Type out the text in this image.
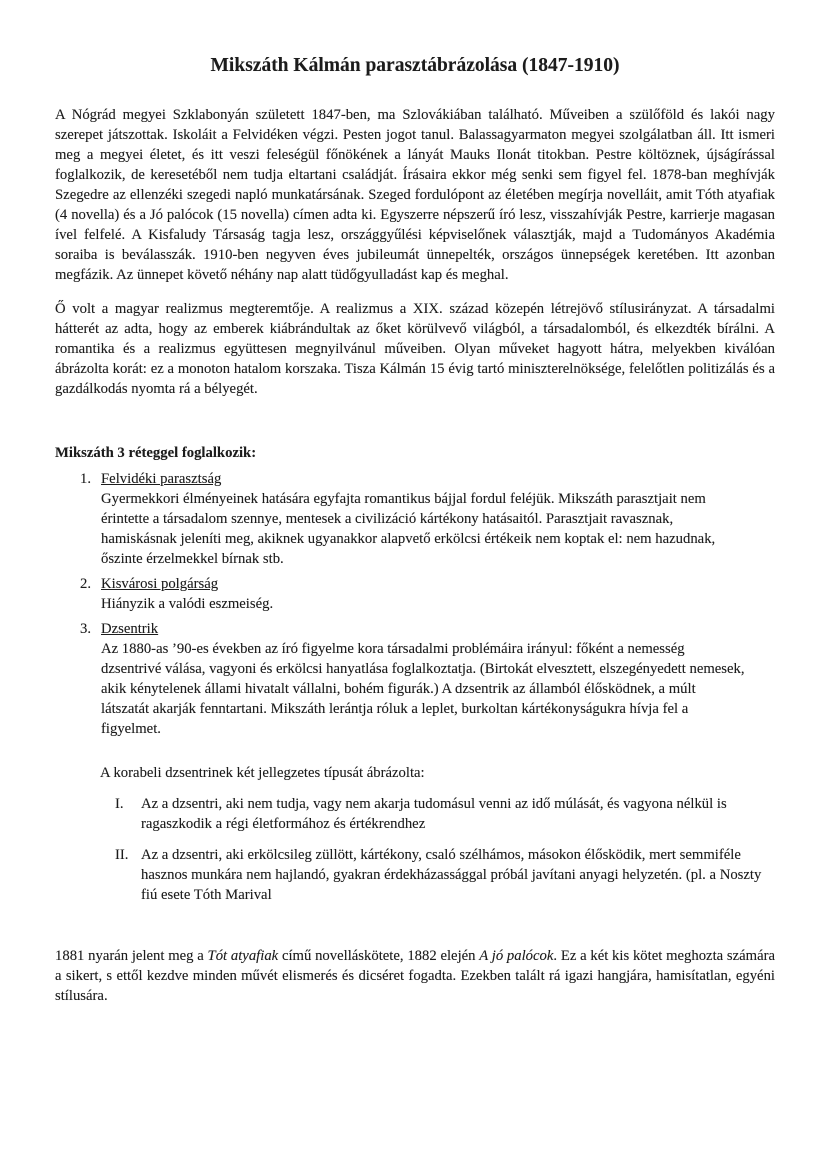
Mikszáth Kálmán parasztábrázolása (1847-1910)

A Nógrád megyei Szklabonyán született 1847-ben, ma Szlovákiában található. Műveiben a szülőföld és lakói nagy szerepet játszottak. Iskoláit a Felvidéken végzi. Pesten jogot tanul. Balassagyarmaton megyei szolgálatban áll. Itt ismeri meg a megyei életet, és itt veszi feleségül főnökének a lányát Mauks Ilonát titokban. Pestre költöznek, újságírással foglalkozik, de keresetéből nem tudja eltartani családját. Írásaira ekkor még senki sem figyel fel. 1878-ban meghívják Szegedre az ellenzéki szegedi napló munkatársának. Szeged fordulópont az életében megírja novelláit, amit Tóth atyafiak (4 novella) és a Jó palócok (15 novella) címen adta ki. Egyszerre népszerű író lesz, visszahívják Pestre, karrierje magasan ível felfelé. A Kisfaludy Társaság tagja lesz, országgyűlési képviselőnek választják, majd a Tudományos Akadémia soraiba is beválasszák. 1910-ben negyven éves jubileumát ünnepelték, országos ünnepségek keretében. Itt azonban megfázik. Az ünnepet követő néhány nap alatt tüdőgyulladást kap és meghal.

Ő volt a magyar realizmus megteremtője. A realizmus a XIX. század közepén létrejövő stílusirányzat. A társadalmi hátterét az adta, hogy az emberek kiábrándultak az őket körülvevő világból, a társadalomból, és elkezdték bírálni. A romantika és a realizmus együttesen megnyilvánul műveiben. Olyan műveket hagyott hátra, melyekben kiválóan ábrázolta korát: ez a monoton hatalom korszaka. Tisza Kálmán 15 évig tartó miniszterelnöksége, felelőtlen politizálás és a gazdálkodás nyomta rá a bélyegét.

Mikszáth 3 réteggel foglalkozik:
1. Felvidéki parasztság
Gyermekkori élményeinek hatására egyfajta romantikus bájjal fordul feléjük. Mikszáth parasztjait nem érintette a társadalom szennye, mentesek a civilizáció kártékony hatásaitól. Parasztjait ravasznak, hamiskásnak jeleníti meg, akiknek ugyanakkor alapvető erkölcsi értékeik nem koptak el: nem hazudnak, őszinte érzelmekkel bírnak stb.
2. Kisvárosi polgárság
Hiányzik a valódi eszmeiség.
3. Dzsentrik
Az 1880-as ’90-es években az író figyelme kora társadalmi problémáira irányul: főként a nemesség dzsentrivé válása, vagyoni és erkölcsi hanyatlása foglalkoztatja. (Birtokát elvesztett, elszegényedett nemesek, akik kénytelenek állami hivatalt vállalni, bohém figurák.) A dzsentrik az államból élősködnek, a múlt látszatát akarják fenntartani. Mikszáth lerántja róluk a leplet, burkoltan kártékonyságukra hívja fel a figyelmet.
A korabeli dzsentrinek két jellegzetes típusát ábrázolta:
I.	Az a dzsentri, aki nem tudja, vagy nem akarja tudomásul venni az idő múlását, és vagyona nélkül is ragaszkodik a régi életformához és értékrendhez
II. Az a dzsentri, aki erkölcsileg züllött, kártékony, csaló szélhámos, másokon élősködik, mert semmiféle hasznos munkára nem hajlandó, gyakran érdekházassággal próbál javítani anyagi helyzetén. (pl. a Noszty fiú esete Tóth Marival

1881 nyarán jelent meg a Tót atyafiak című novelláskötete, 1882 elején A jó palócok. Ez a két kis kötet meghozta számára a sikert, s ettől kezdve minden művét elismerés és dicséret fogadta. Ezekben talált rá igazi hangjára, hamisítatlan, egyéni stílusára.
